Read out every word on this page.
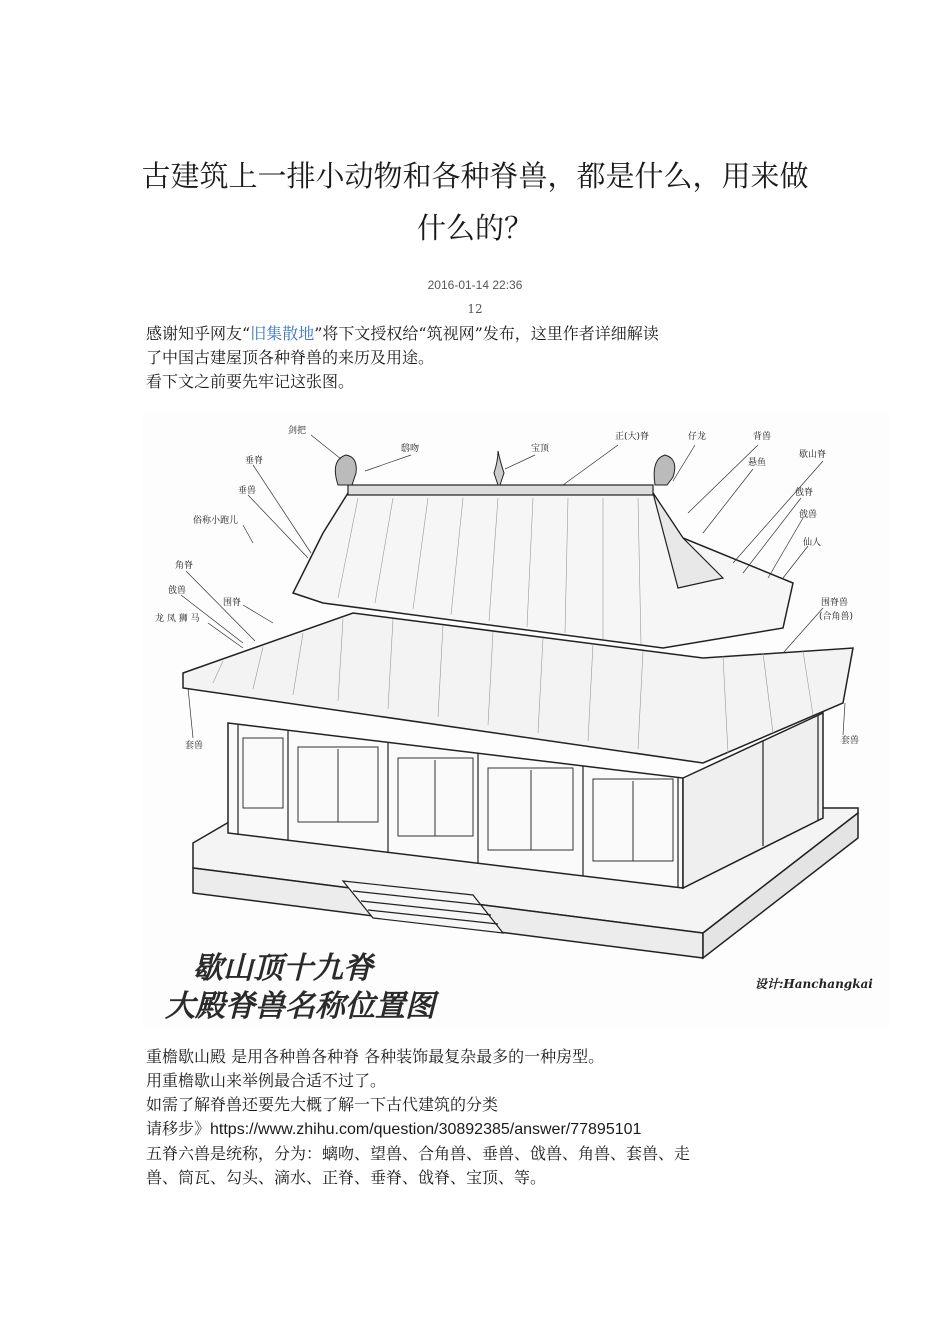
古建筑上一排小动物和各种脊兽，都是什么，用来做
什么的？
2016-01-14 22:36
12

感谢知乎网友“旧集散地”将下文授权给“筑视网”发布，这里作者详细解读
了中国古建屋顶各种脊兽的来历及用途。
看下文之前要先牢记这张图。

剑把
鸱吻	宝顶
正(大)脊	仔龙	背兽
歇山脊
悬鱼
垂脊
垂兽
俗称小跑儿
戗脊
戗兽
仙人
角脊
戗兽
龙 凤 狮 马
围脊	围脊兽
(合角兽)
套兽	套兽
歇山顶十九脊
大殿脊兽名称位置图
设计:Hanchangkai

重檐歇山殿 是用各种兽各种脊 各种装饰最复杂最多的一种房型。
用重檐歇山来举例最合适不过了。
如需了解脊兽还要先大概了解一下古代建筑的分类
请移步》https://www.zhihu.com/question/30892385/answer/77895101
五脊六兽是统称，分为：螭吻、望兽、合角兽、垂兽、戗兽、角兽、套兽、走
兽、筒瓦、勾头、滴水、正脊、垂脊、戗脊、宝顶、等。
